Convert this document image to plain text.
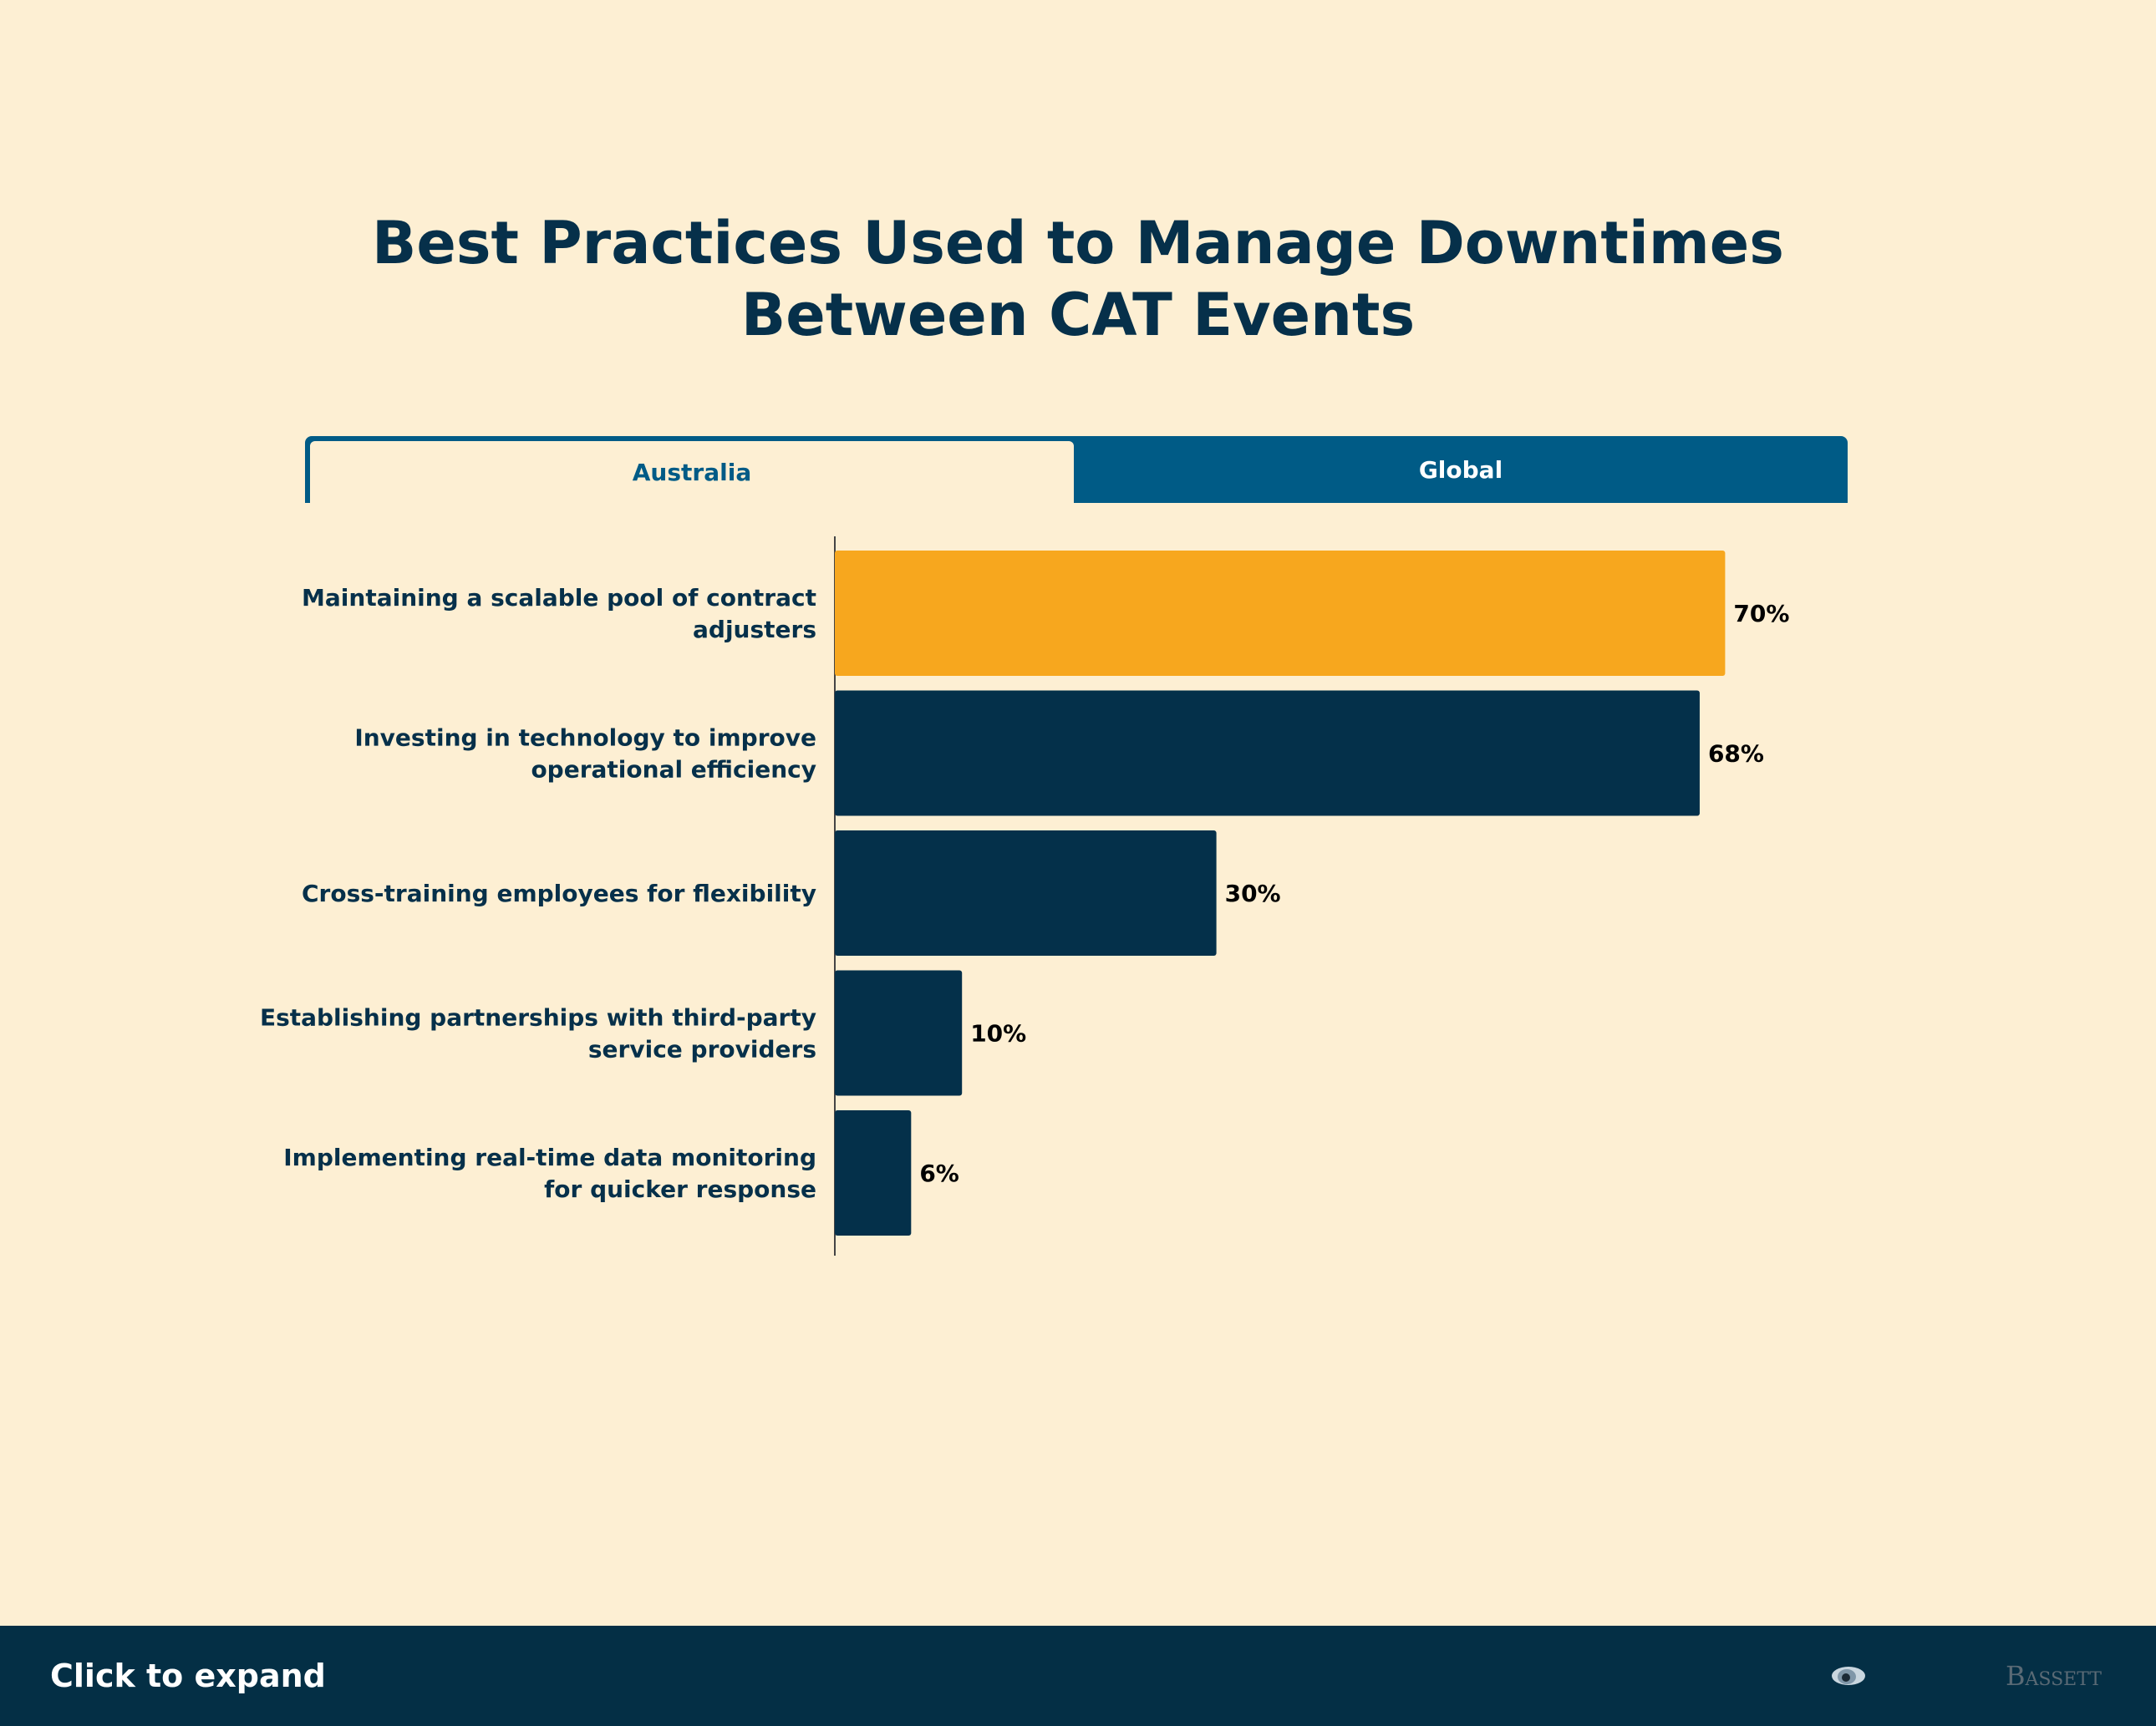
Best Practices Used to Manage Downtimes
Between CAT Events
Australia	Global
70%
Maintaining a scalable pool of contract adjusters
68%
Investing in technology to improve operational efficiency
30%
Cross-training employees for flexibility
10%
Establishing partnerships with third-party service providers
6%
Implementing real-time data monitoring for quicker response
Click to expand	Bassett
